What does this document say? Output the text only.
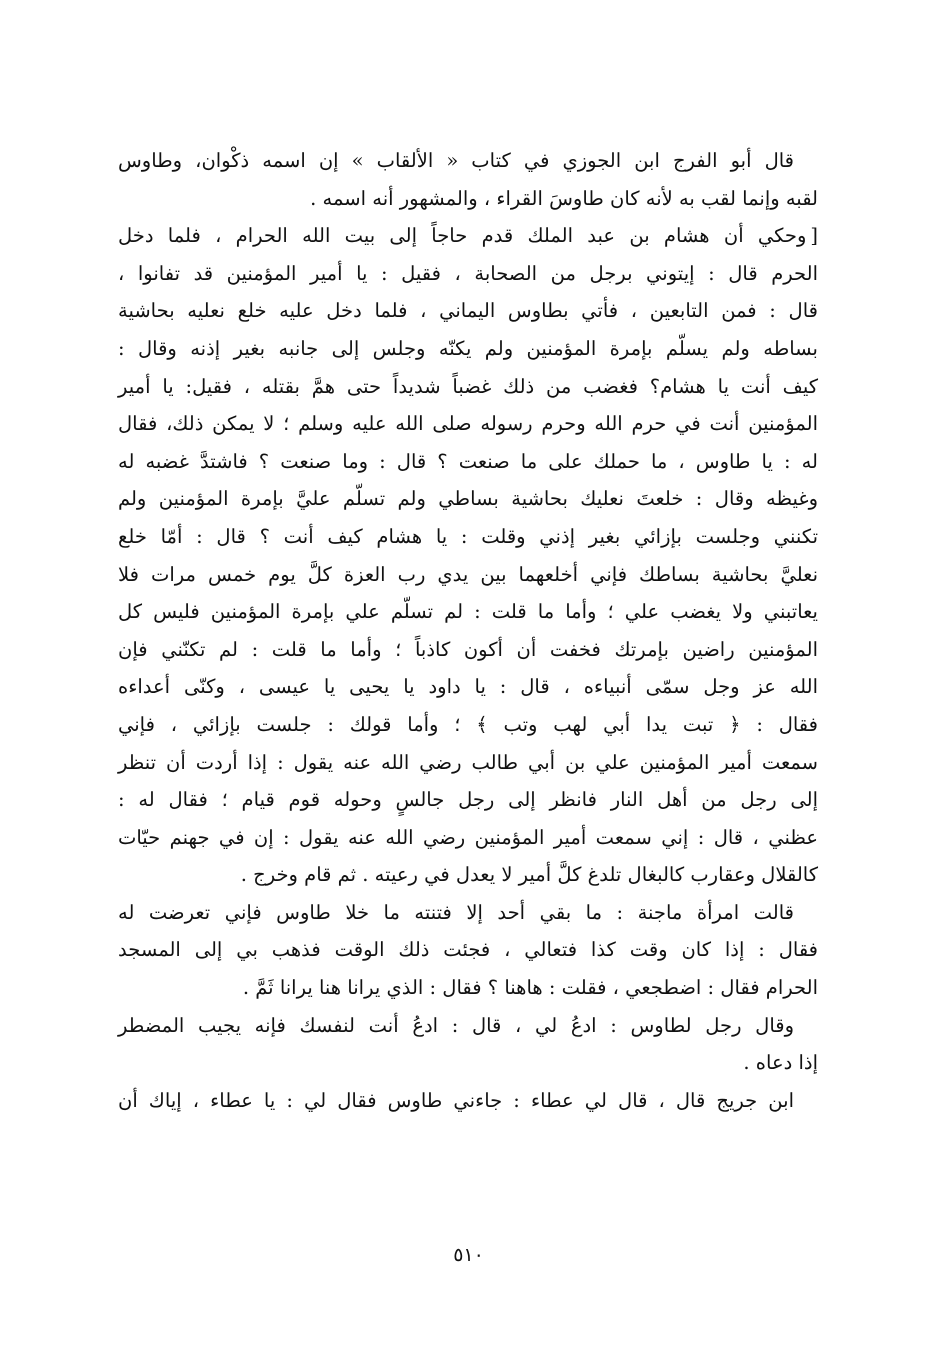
قال أبو الفرج ابن الجوزي في كتاب « الألقاب » إن اسمه ذكْوان، وطاوس
لقبه وإنما لقب به لأنه كان طاوسَ القراء ، والمشهور أنه اسمه .
[وحكي أن هشام بن عبد الملك قدم حاجاً إلى بيت الله الحرام ، فلما دخل
الحرم قال : إيتوني برجل من الصحابة ، فقيل : يا أمير المؤمنين قد تفانوا ،
قال : فمن التابعين ، فأتي بطاوس اليماني ، فلما دخل عليه خلع نعليه بحاشية
بساطه ولم يسلّم بإمرة المؤمنين ولم يكنّه وجلس إلى جانبه بغير إذنه وقال :
كيف أنت يا هشام؟ فغضب من ذلك غضباً شديداً حتى همَّ بقتله ، فقيل: يا أمير
المؤمنين أنت في حرم الله وحرم رسوله صلى الله عليه وسلم ؛ لا يمكن ذلك، فقال
له : يا طاوس ، ما حملك على ما صنعت ؟ قال : وما صنعت ؟ فاشتدَّ غضبه له
وغيظه وقال : خلعتَ نعليك بحاشية بساطي ولم تسلّم عليَّ بإمرة المؤمنين ولم
تكنني وجلست بإزائي بغير إذني وقلت : يا هشام كيف أنت ؟ قال : أمّا خلع
نعليَّ بحاشية بساطك فإني أخلعهما بين يدي رب العزة كلَّ يوم خمس مرات فلا
يعاتبني ولا يغضب علي ؛ وأما ما قلت : لم تسلّم علي بإمرة المؤمنين فليس كل
المؤمنين راضين بإمرتك فخفت أن أكون كاذباً ؛ وأما ما قلت : لم تكنّني فإن
الله عز وجل سمّى أنبياءه ، قال : يا داود يا يحيى يا عيسى ، وكنّى أعداءه
فقال : ﴿ تبت يدا أبي لهب وتب ﴾ ؛ وأما قولك : جلست بإزائي ، فإني
سمعت أمير المؤمنين علي بن أبي طالب رضي الله عنه يقول : إذا أردت أن تنظر
إلى رجل من أهل النار فانظر إلى رجل جالسٍ وحوله قوم قيام ؛ فقال له :
عظني ، قال : إني سمعت أمير المؤمنين رضي الله عنه يقول : إن في جهنم حيّات
كالقلال وعقارب كالبغال تلدغ كلَّ أمير لا يعدل في رعيته . ثم قام وخرج .
قالت امرأة ماجنة : ما بقي أحد إلا فتنته ما خلا طاوس فإني تعرضت له
فقال : إذا كان وقت كذا فتعالي ، فجئت ذلك الوقت فذهب بي إلى المسجد
الحرام فقال : اضطجعي ، فقلت : هاهنا ؟ فقال : الذي يرانا هنا يرانا ثَمَّ .
وقال رجل لطاوس : ادعُ لي ، قال : ادعُ أنت لنفسك فإنه يجيب المضطر
إذا دعاه .
ابن جريج قال ، قال لي عطاء : جاءني طاوس فقال لي : يا عطاء ، إياك أن
٥١٠
